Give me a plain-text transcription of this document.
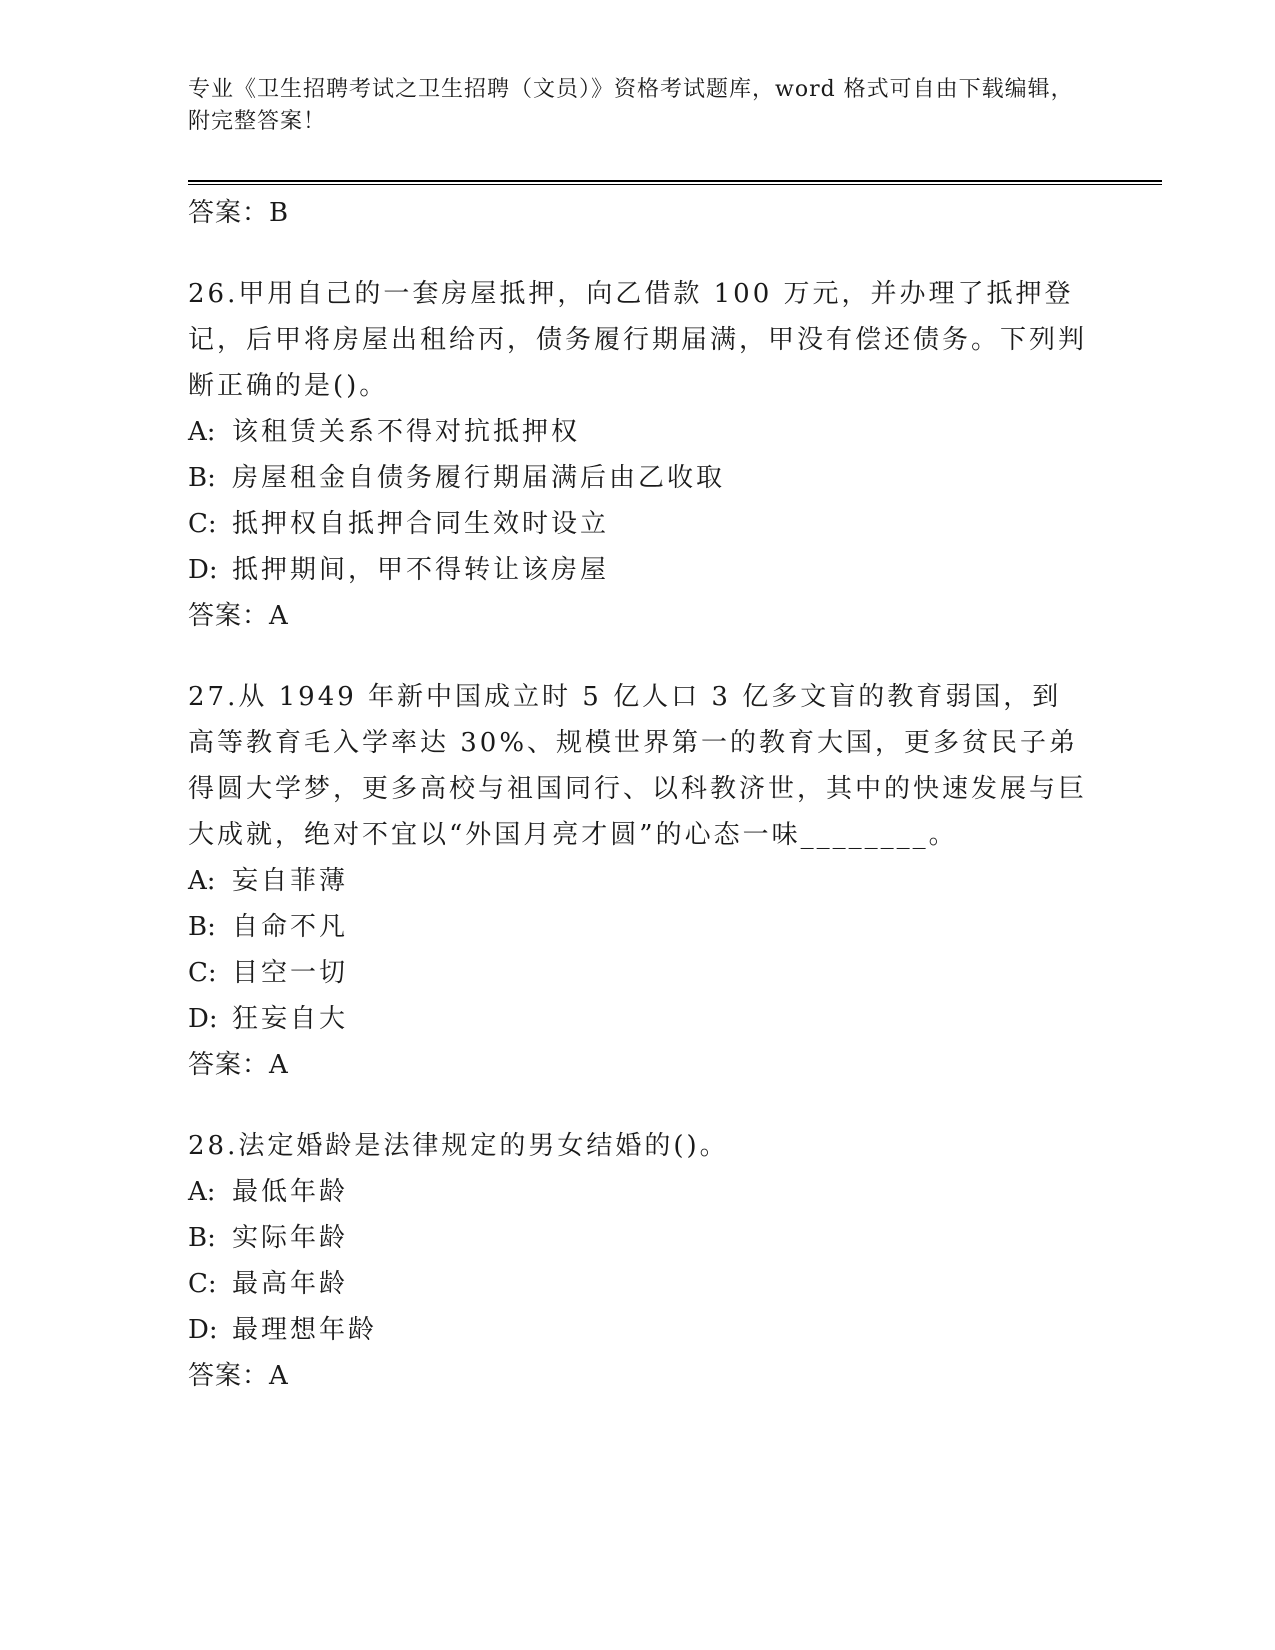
专业《卫生招聘考试之卫生招聘（文员）》资格考试题库，word 格式可自由下载编辑，附完整答案！
答案：B

26.甲用自己的一套房屋抵押，向乙借款 100 万元，并办理了抵押登记，后甲将房屋出租给丙，债务履行期届满，甲没有偿还债务。下列判断正确的是()。

A: 该租赁关系不得对抗抵押权

B: 房屋租金自债务履行期届满后由乙收取

C: 抵押权自抵押合同生效时设立

D: 抵押期间，甲不得转让该房屋

答案：A

27.从 1949 年新中国成立时 5 亿人口 3 亿多文盲的教育弱国，到高等教育毛入学率达 30%、规模世界第一的教育大国，更多贫民子弟得圆大学梦，更多高校与祖国同行、以科教济世，其中的快速发展与巨大成就，绝对不宜以“外国月亮才圆”的心态一味________。

A: 妄自菲薄

B: 自命不凡

C: 目空一切

D: 狂妄自大

答案：A

28.法定婚龄是法律规定的男女结婚的()。

A: 最低年龄

B: 实际年龄

C: 最高年龄

D: 最理想年龄

答案：A
